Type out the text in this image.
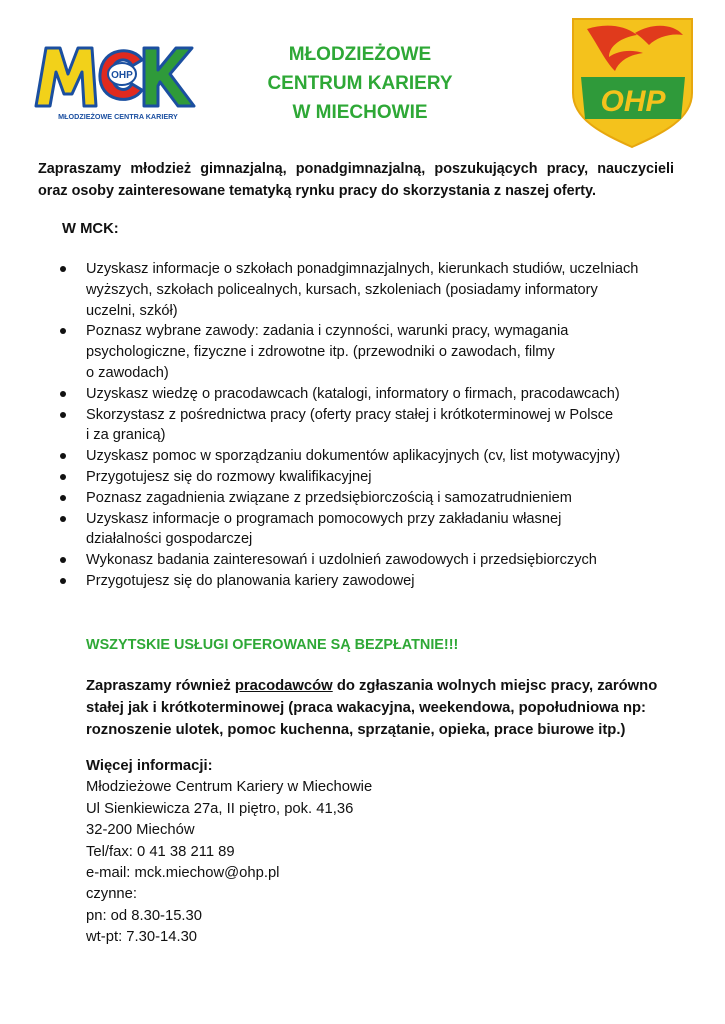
OHP
MŁODZIEŻOWE CENTRA KARIERY
MŁODZIEŻOWE
CENTRUM KARIERY
W MIECHOWIE	OHP
Zapraszamy młodzież gimnazjalną, ponadgimnazjalną, poszukujących pracy, nauczycieli oraz osoby zainteresowane tematyką rynku pracy do skorzystania z naszej oferty.
W MCK:
Uzyskasz informacje o szkołach ponadgimnazjalnych, kierunkach studiów, uczelniach
wyższych, szkołach policealnych, kursach, szkoleniach (posiadamy informatory
uczelni, szkół)
Poznasz wybrane zawody: zadania i czynności, warunki pracy, wymagania
psychologiczne, fizyczne i zdrowotne itp. (przewodniki o zawodach, filmy
o zawodach)
Uzyskasz wiedzę o pracodawcach (katalogi, informatory o firmach, pracodawcach)
Skorzystasz z pośrednictwa pracy (oferty pracy stałej i krótkoterminowej w Polsce
i za granicą)
Uzyskasz pomoc w sporządzaniu dokumentów aplikacyjnych (cv, list motywacyjny)
Przygotujesz się do rozmowy kwalifikacyjnej
Poznasz zagadnienia związane z przedsiębiorczością i samozatrudnieniem
Uzyskasz informacje o programach pomocowych przy zakładaniu własnej
działalności gospodarczej
Wykonasz badania zainteresowań i uzdolnień zawodowych i przedsiębiorczych
Przygotujesz się do planowania kariery zawodowej
WSZYTSKIE USŁUGI OFEROWANE SĄ BEZPŁATNIE!!!
Zapraszamy również pracodawców do zgłaszania wolnych miejsc pracy, zarówno
stałej jak i krótkoterminowej (praca wakacyjna, weekendowa, popołudniowa np:
roznoszenie ulotek, pomoc kuchenna, sprzątanie, opieka, prace biurowe itp.)
Więcej informacji:
Młodzieżowe Centrum Kariery w Miechowie
Ul Sienkiewicza 27a, II piętro, pok. 41,36
32-200 Miechów
Tel/fax: 0 41 38 211 89
e-mail: mck.miechow@ohp.pl
czynne:
pn: od 8.30-15.30
wt-pt: 7.30-14.30
